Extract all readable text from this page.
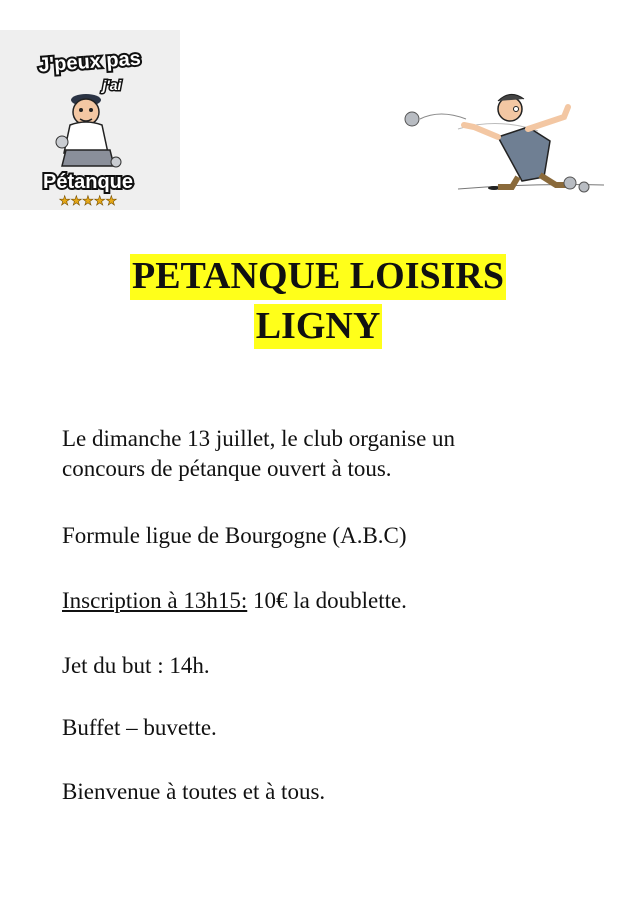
J'peux pas
j'ai
Pétanque
★★★★★
PETANQUE LOISIRS
LIGNY
Le dimanche 13 juillet, le club organise un
concours de pétanque ouvert à tous.
Formule ligue de Bourgogne (A.B.C)
Inscription à 13h15: 10€ la doublette.
Jet du but : 14h.
Buffet – buvette.
Bienvenue à toutes et à tous.
